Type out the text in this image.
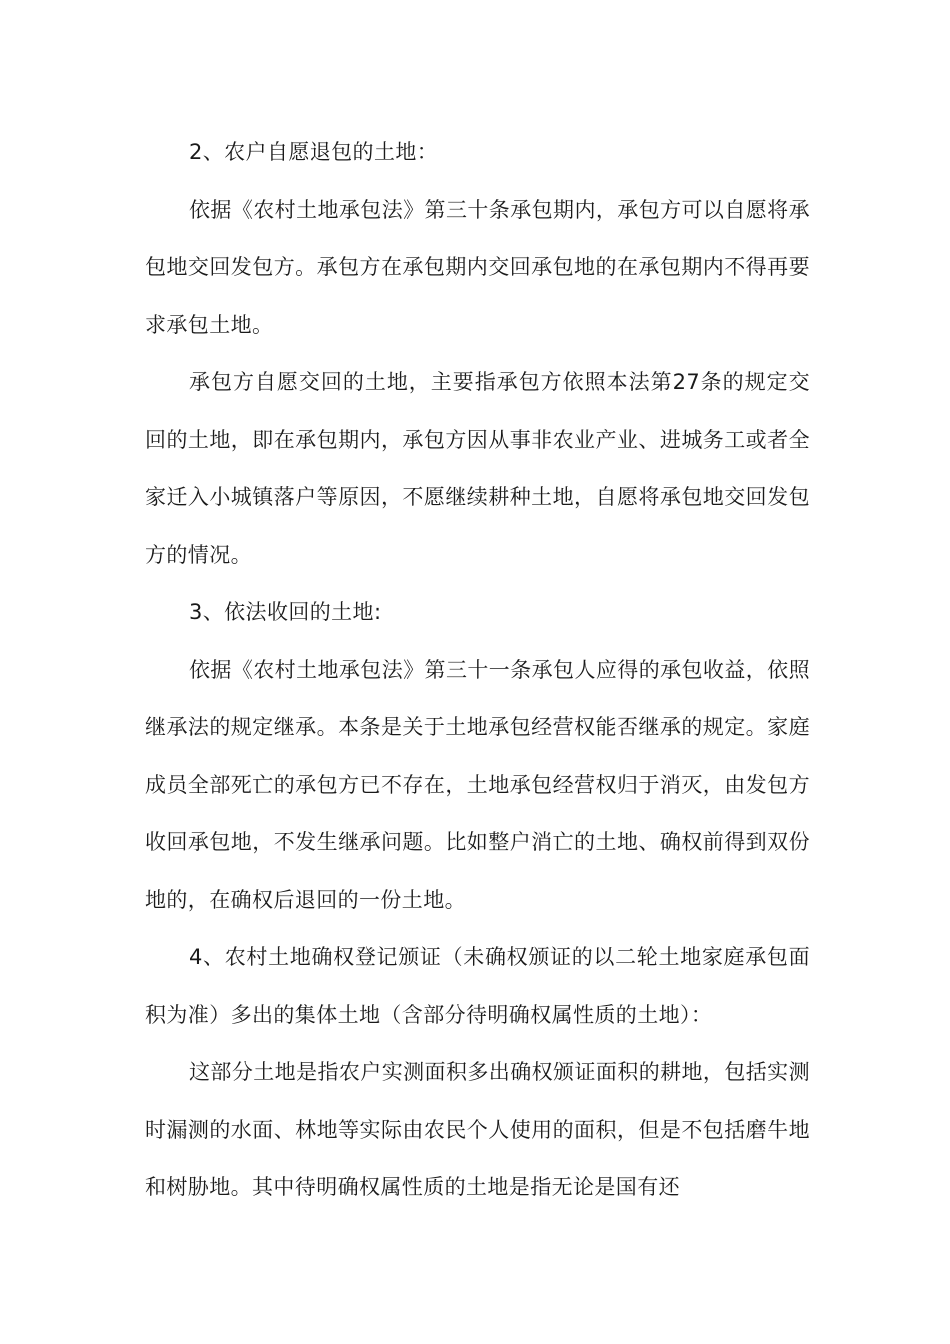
2、农户自愿退包的土地：

依据《农村土地承包法》第三十条承包期内，承包方可以自愿将承包地交回发包方。承包方在承包期内交回承包地的在承包期内不得再要求承包土地。

承包方自愿交回的土地，主要指承包方依照本法第27条的规定交回的土地，即在承包期内，承包方因从事非农业产业、进城务工或者全家迁入小城镇落户等原因，不愿继续耕种土地，自愿将承包地交回发包方的情况。

3、依法收回的土地:

依据《农村土地承包法》第三十一条承包人应得的承包收益，依照继承法的规定继承。本条是关于土地承包经营权能否继承的规定。家庭成员全部死亡的承包方已不存在，土地承包经营权归于消灭，由发包方收回承包地，不发生继承问题。比如整户消亡的土地、确权前得到双份地的，在确权后退回的一份土地。

4、农村土地确权登记颁证（未确权颁证的以二轮土地家庭承包面积为准）多出的集体土地（含部分待明确权属性质的土地）：

这部分土地是指农户实测面积多出确权颁证面积的耕地，包括实测时漏测的水面、林地等实际由农民个人使用的面积，但是不包括磨牛地和树胁地。其中待明确权属性质的土地是指无论是国有还
